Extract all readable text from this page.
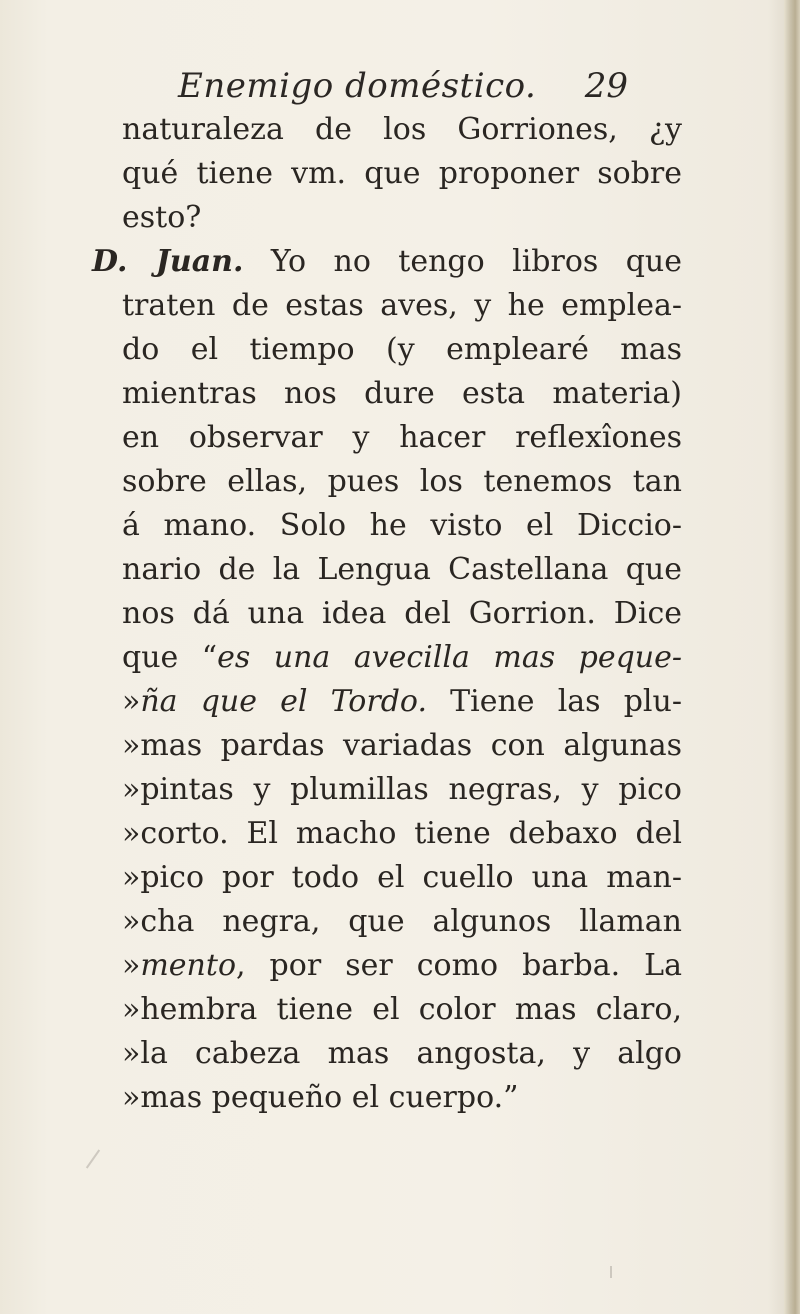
Enemigo doméstico. 29
naturaleza de los Gorriones, ¿y
qué tiene vm. que proponer sobre
esto?
D. Juan. Yo no tengo libros que
traten de estas aves, y he emplea-
do el tiempo (y emplearé mas
mientras nos dure esta materia)
en observar y hacer reflexîones
sobre ellas, pues los tenemos tan
á mano. Solo he visto el Diccio-
nario de la Lengua Castellana que
nos dá una idea del Gorrion. Dice
que “es una avecilla mas peque-
»ña que el Tordo. Tiene las plu-
»mas pardas variadas con algunas
»pintas y plumillas negras, y pico
»corto. El macho tiene debaxo del
»pico por todo el cuello una man-
»cha negra, que algunos llaman
»mento, por ser como barba. La
»hembra tiene el color mas claro,
»la cabeza mas angosta, y algo
»mas pequeño el cuerpo.”
